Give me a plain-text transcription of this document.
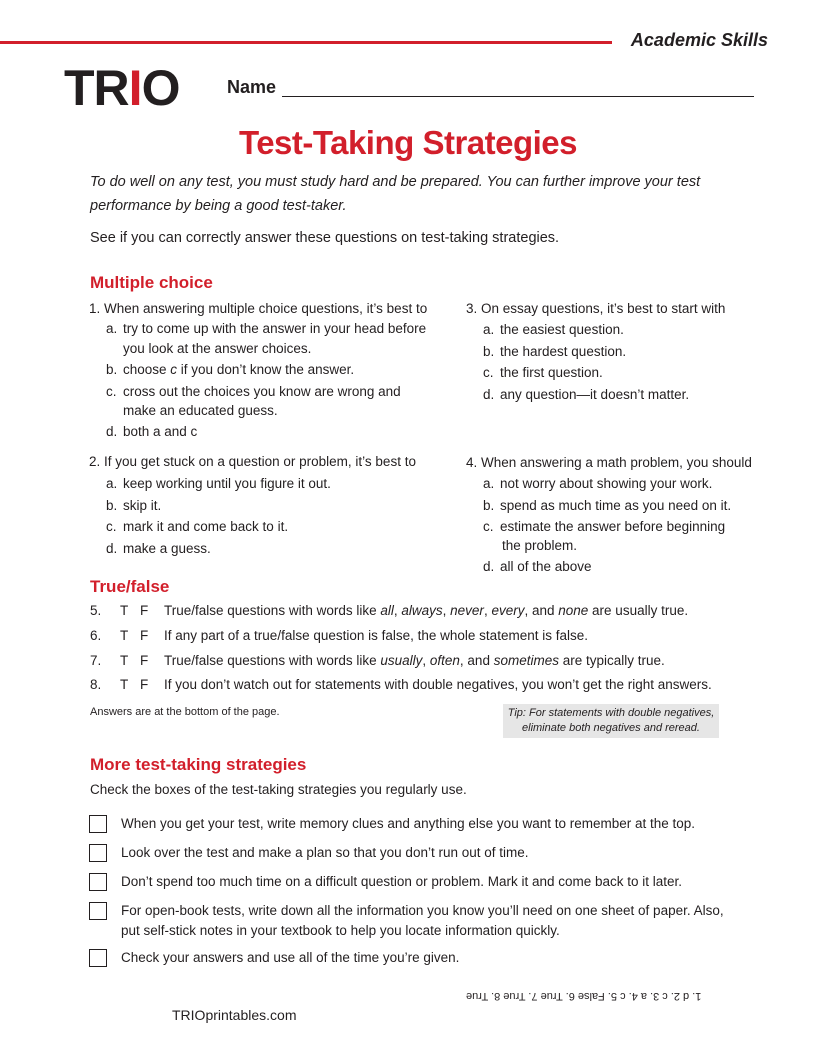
Academic Skills
TRIO	Name
Test-Taking Strategies
To do well on any test, you must study hard and be prepared. You can further improve your test performance by being a good test-taker.
See if you can correctly answer these questions on test-taking strategies.
Multiple choice
1. When answering multiple choice questions, it’s best to
a. try to come up with the answer in your head before
you look at the answer choices.
b. choose c if you don’t know the answer.
c. cross out the choices you know are wrong and
make an educated guess.
d. both a and c
2. If you get stuck on a question or problem, it’s best to
a. keep working until you figure it out.
b. skip it.
c. mark it and come back to it.
d. make a guess.
3. On essay questions, it’s best to start with
a. the easiest question.
b. the hardest question.
c. the first question.
d. any question—it doesn’t matter.
4. When answering a math problem, you should
a. not worry about showing your work.
b. spend as much time as you need on it.
c. estimate the answer before beginning
the problem.
d. all of the above
True/false
5. T F True/false questions with words like all, always, never, every, and none are usually true.
6. T F If any part of a true/false question is false, the whole statement is false.
7. T F True/false questions with words like usually, often, and sometimes are typically true.
8. T F If you don’t watch out for statements with double negatives, you won’t get the right answers.
Answers are at the bottom of the page.	Tip: For statements with double negatives,
eliminate both negatives and reread.
More test-taking strategies
Check the boxes of the test-taking strategies you regularly use.
When you get your test, write memory clues and anything else you want to remember at the top.
Look over the test and make a plan so that you don’t run out of time.
Don’t spend too much time on a difficult question or problem. Mark it and come back to it later.
For open-book tests, write down all the information you know you’ll need on one sheet of paper. Also,
put self-stick notes in your textbook to help you locate information quickly.
Check your answers and use all of the time you’re given.
1. d 2. c 3. a 4. c 5. False 6. True 7. True 8. True
TRIOprintables.com
